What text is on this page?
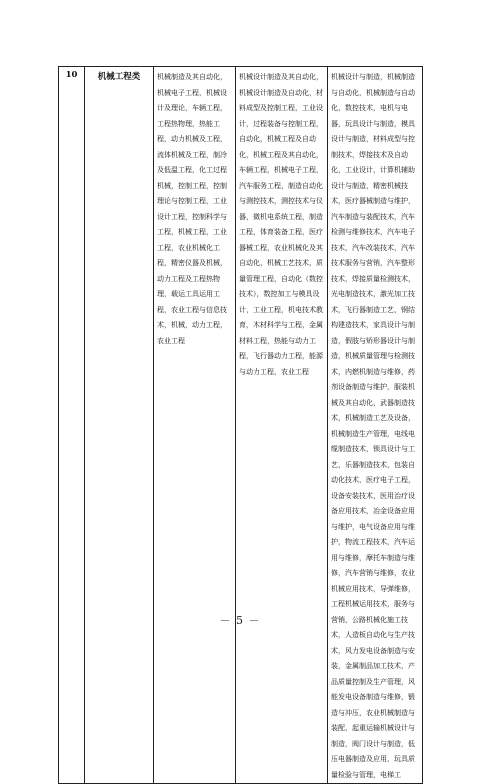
10	机械工程类	机械制造及其自动化，机械电子工程，机械设计及理论，车辆工程，工程热物理，热能工程，动力机械及工程，流体机械及工程，制冷及低温工程，化工过程机械，控制工程，控制理论与控制工程，工业设计工程，控制科学与工程，机械工程，工业工程，农业机械化工程，精密仪器及机械，动力工程及工程热物理，载运工具运用工程，农业工程与信息技术，机械，动力工程，农业工程	机械设计制造及其自动化，机械设计制造及自动化，材料成型及控制工程，工业设计，过程装备与控制工程，自动化，机械工程及自动化，机械工程及其自动化，车辆工程，机械电子工程，汽车服务工程，制造自动化与测控技术，测控技术与仪器，微机电系统工程，制造工程，体育装备工程，医疗器械工程，农业机械化及其自动化，机械工艺技术，质量管理工程，自动化（数控技术），数控加工与模具设计，工业工程，机电技术教育，木材科学与工程，金属材料工程，热能与动力工程，飞行器动力工程，能源与动力工程，农业工程	机械设计与制造，机械制造与自动化，机械制造与自动化，数控技术，电机与电器，玩具设计与制造，模具设计与制造，材料成型与控制技术，焊接技术及自动化，工业设计，计算机辅助设计与制造，精密机械技术，医疗器械制造与维护，汽车制造与装配技术，汽车检测与维修技术，汽车电子技术，汽车改装技术，汽车技术服务与营销，汽车整形技术，焊接质量检测技术，光电制造技术，激光加工技术，飞行器制造工艺，钢结构建造技术，家具设计与制造，假肢与矫形器设计与制造，机械质量管理与检测技术，内燃机制造与维修，药剂设备制造与维护，服装机械及其自动化，武器制造技术，机械制造工艺及设备，机械制造生产管理，电线电缆制造技术，锁具设计与工艺，乐器制造技术，包装自动化技术，医疗电子工程，设备安装技术，医用治疗设备应用技术，冶金设备应用与维护，电气设备应用与维护，物流工程技术，汽车运用与维修，摩托车制造与维修，汽车营销与维修，农业机械应用技术，导弹维修，工程机械运用技术，服务与营销，公路机械化施工技术，人造板自动化与生产技术，风力发电设备制造与安装，金属制品加工技术，产品质量控制及生产管理，风能发电设备制造与维修，锻造与冲压，农业机械制造与装配，起重运输机械设计与制造，阀门设计与制造，低压电器制造及应用，玩具质量检验与管理，电梯工
－ 5 －
